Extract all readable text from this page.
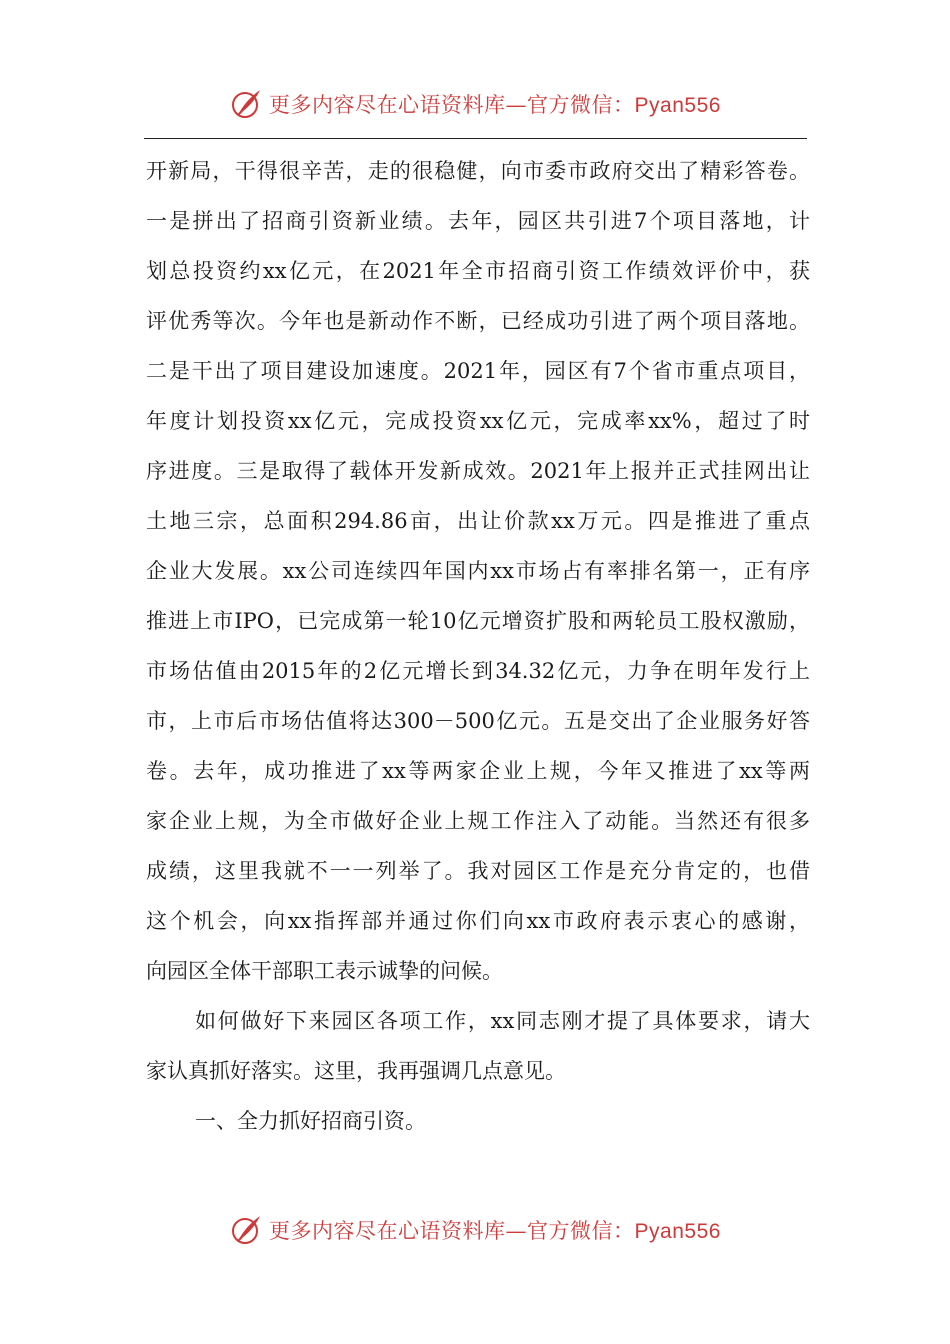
更多内容尽在心语资料库—官方微信：Pyan556
开新局，干得很辛苦，走的很稳健，向市委市政府交出了精彩答卷。
一是拼出了招商引资新业绩。去年，园区共引进7个项目落地，计
划总投资约xx亿元，在2021年全市招商引资工作绩效评价中，获
评优秀等次。今年也是新动作不断，已经成功引进了两个项目落地。
二是干出了项目建设加速度。2021年，园区有7个省市重点项目，
年度计划投资xx亿元，完成投资xx亿元，完成率xx%，超过了时
序进度。三是取得了载体开发新成效。2021年上报并正式挂网出让
土地三宗，总面积294.86亩，出让价款xx万元。四是推进了重点
企业大发展。xx公司连续四年国内xx市场占有率排名第一，正有序
推进上市IPO，已完成第一轮10亿元增资扩股和两轮员工股权激励，
市场估值由2015年的2亿元增长到34.32亿元，力争在明年发行上
市，上市后市场估值将达300－500亿元。五是交出了企业服务好答
卷。去年，成功推进了xx等两家企业上规，今年又推进了xx等两
家企业上规，为全市做好企业上规工作注入了动能。当然还有很多
成绩，这里我就不一一列举了。我对园区工作是充分肯定的，也借
这个机会，向xx指挥部并通过你们向xx市政府表示衷心的感谢，
向园区全体干部职工表示诚挚的问候。
如何做好下来园区各项工作，xx同志刚才提了具体要求，请大
家认真抓好落实。这里，我再强调几点意见。
一、全力抓好招商引资。
更多内容尽在心语资料库—官方微信：Pyan556
